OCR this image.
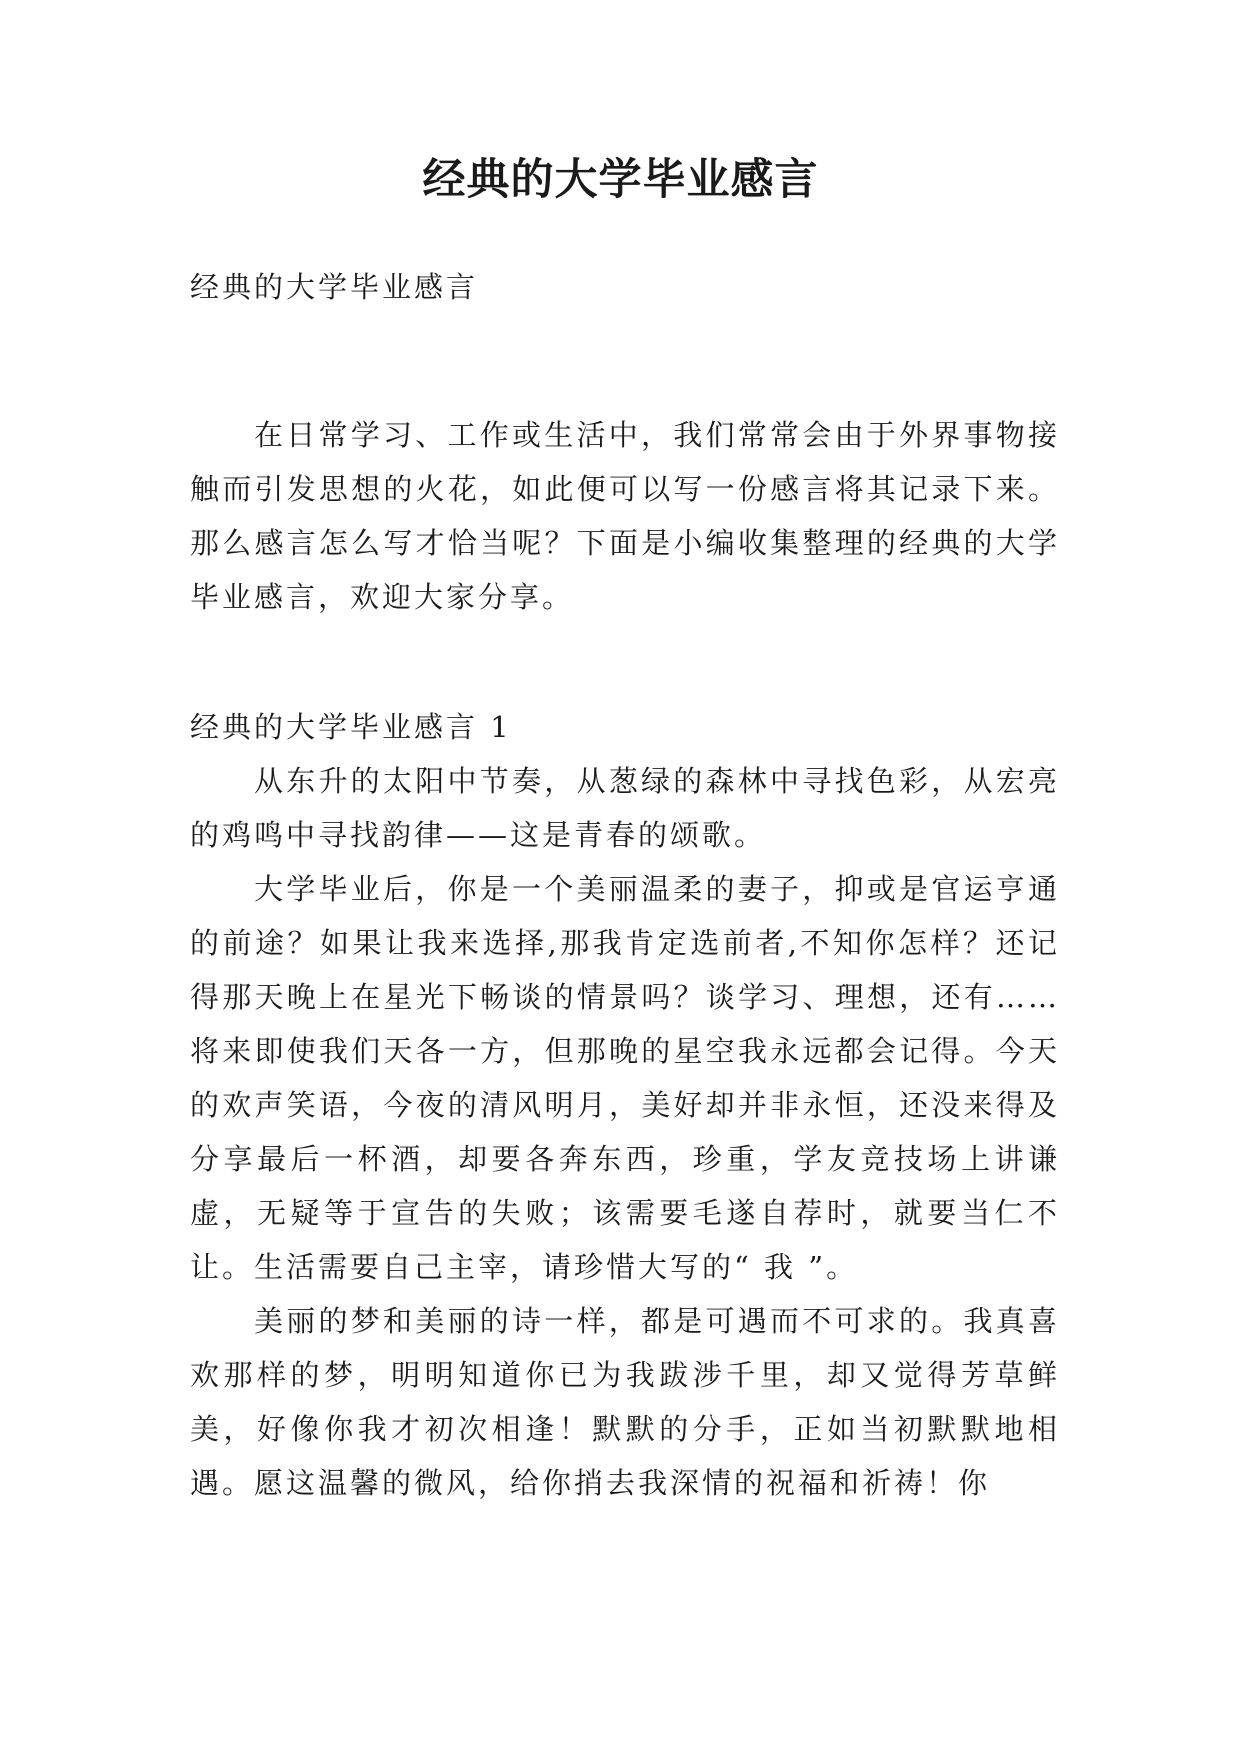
经典的大学毕业感言

经典的大学毕业感言

在日常学习、工作或生活中，我们常常会由于外界事物接触而引发思想的火花，如此便可以写一份感言将其记录下来。那么感言怎么写才恰当呢？下面是小编收集整理的经典的大学毕业感言，欢迎大家分享。

经典的大学毕业感言 1

从东升的太阳中节奏，从葱绿的森林中寻找色彩，从宏亮的鸡鸣中寻找韵律——这是青春的颂歌。

大学毕业后，你是一个美丽温柔的妻子，抑或是官运亨通的前途？如果让我来选择,那我肯定选前者,不知你怎样？还记得那天晚上在星光下畅谈的情景吗？谈学习、理想，还有……将来即使我们天各一方，但那晚的星空我永远都会记得。今天的欢声笑语，今夜的清风明月，美好却并非永恒，还没来得及分享最后一杯酒，却要各奔东西，珍重，学友竞技场上讲谦虚，无疑等于宣告的失败；该需要毛遂自荐时，就要当仁不让。生活需要自己主宰，请珍惜大写的“ 我 ”。

美丽的梦和美丽的诗一样，都是可遇而不可求的。我真喜欢那样的梦，明明知道你已为我跋涉千里，却又觉得芳草鲜美，好像你我才初次相逢！默默的分手，正如当初默默地相遇。愿这温馨的微风，给你捎去我深情的祝福和祈祷！你
